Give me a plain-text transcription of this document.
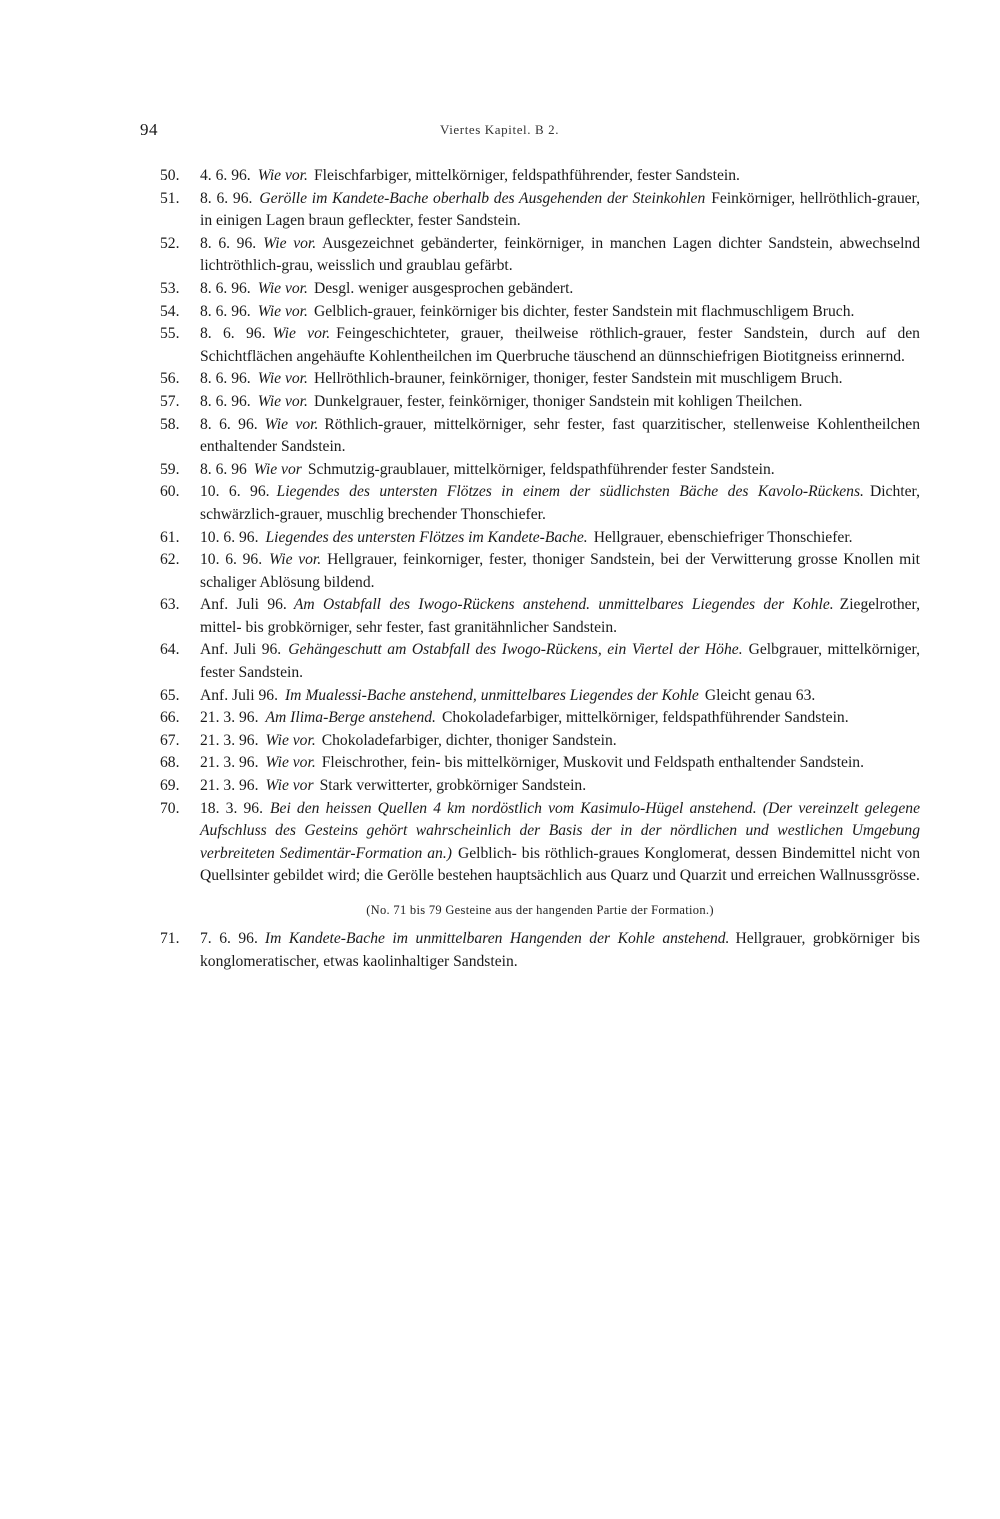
94	Viertes Kapitel. B 2.
50. 4. 6. 96. Wie vor. Fleischfarbiger, mittelkörniger, feldspathführender, fester Sandstein.
51. 8. 6. 96. Gerölle im Kandete-Bache oberhalb des Ausgehenden der Steinkohlen Feinkörniger, hellröthlich-grauer, in einigen Lagen braun gefleckter, fester Sandstein.
52. 8. 6. 96. Wie vor. Ausgezeichnet gebänderter, feinkörniger, in manchen Lagen dichter Sandstein, abwechselnd lichtröthlich-grau, weisslich und graublau gefärbt.
53. 8. 6. 96. Wie vor. Desgl. weniger ausgesprochen gebändert.
54. 8. 6. 96. Wie vor. Gelblich-grauer, feinkörniger bis dichter, fester Sandstein mit flachmuschligem Bruch.
55. 8. 6. 96. Wie vor. Feingeschichteter, grauer, theilweise röthlich-grauer, fester Sandstein, durch auf den Schichtflächen angehäufte Kohlentheilchen im Querbruche täuschend an dünnschiefrigen Biotitgneiss erinnernd.
56. 8. 6. 96. Wie vor. Hellröthlich-brauner, feinkörniger, thoniger, fester Sandstein mit muschligem Bruch.
57. 8. 6. 96. Wie vor. Dunkelgrauer, fester, feinkörniger, thoniger Sandstein mit kohligen Theilchen.
58. 8. 6. 96. Wie vor. Röthlich-grauer, mittelkörniger, sehr fester, fast quarzitischer, stellenweise Kohlentheilchen enthaltender Sandstein.
59. 8. 6. 96 Wie vor Schmutzig-graublauer, mittelkörniger, feldspathführender fester Sandstein.
60. 10. 6. 96. Liegendes des untersten Flötzes in einem der südlichsten Bäche des Kavolo-Rückens. Dichter, schwärzlich-grauer, muschlig brechender Thonschiefer.
61. 10. 6. 96. Liegendes des untersten Flötzes im Kandete-Bache. Hellgrauer, ebenschiefriger Thonschiefer.
62. 10. 6. 96. Wie vor. Hellgrauer, feinkorniger, fester, thoniger Sandstein, bei der Verwitterung grosse Knollen mit schaliger Ablösung bildend.
63. Anf. Juli 96. Am Ostabfall des Iwogo-Rückens anstehend. unmittelbares Liegendes der Kohle. Ziegelrother, mittel- bis grobkörniger, sehr fester, fast granitähnlicher Sandstein.
64. Anf. Juli 96. Gehängeschutt am Ostabfall des Iwogo-Rückens, ein Viertel der Höhe. Gelbgrauer, mittelkörniger, fester Sandstein.
65. Anf. Juli 96. Im Mualessi-Bache anstehend, unmittelbares Liegendes der Kohle Gleicht genau 63.
66. 21. 3. 96. Am Ilima-Berge anstehend. Chokoladefarbiger, mittelkörniger, feldspathführender Sandstein.
67. 21. 3. 96. Wie vor. Chokoladefarbiger, dichter, thoniger Sandstein.
68. 21. 3. 96. Wie vor. Fleischrother, fein- bis mittelkörniger, Muskovit und Feldspath enthaltender Sandstein.
69. 21. 3. 96. Wie vor Stark verwitterter, grobkörniger Sandstein.
70. 18. 3. 96. Bei den heissen Quellen 4 km nordöstlich vom Kasimulo-Hügel anstehend. (Der vereinzelt gelegene Aufschluss des Gesteins gehört wahrscheinlich der Basis der in der nördlichen und westlichen Umgebung verbreiteten Sedimentär-Formation an.) Gelblich- bis röthlich-graues Konglomerat, dessen Bindemittel nicht von Quellsinter gebildet wird; die Gerölle bestehen hauptsächlich aus Quarz und Quarzit und erreichen Wallnussgrösse.
(No. 71 bis 79 Gesteine aus der hangenden Partie der Formation.)
71. 7. 6. 96. Im Kandete-Bache im unmittelbaren Hangenden der Kohle anstehend. Hellgrauer, grobkörniger bis konglomeratischer, etwas kaolinhaltiger Sandstein.
